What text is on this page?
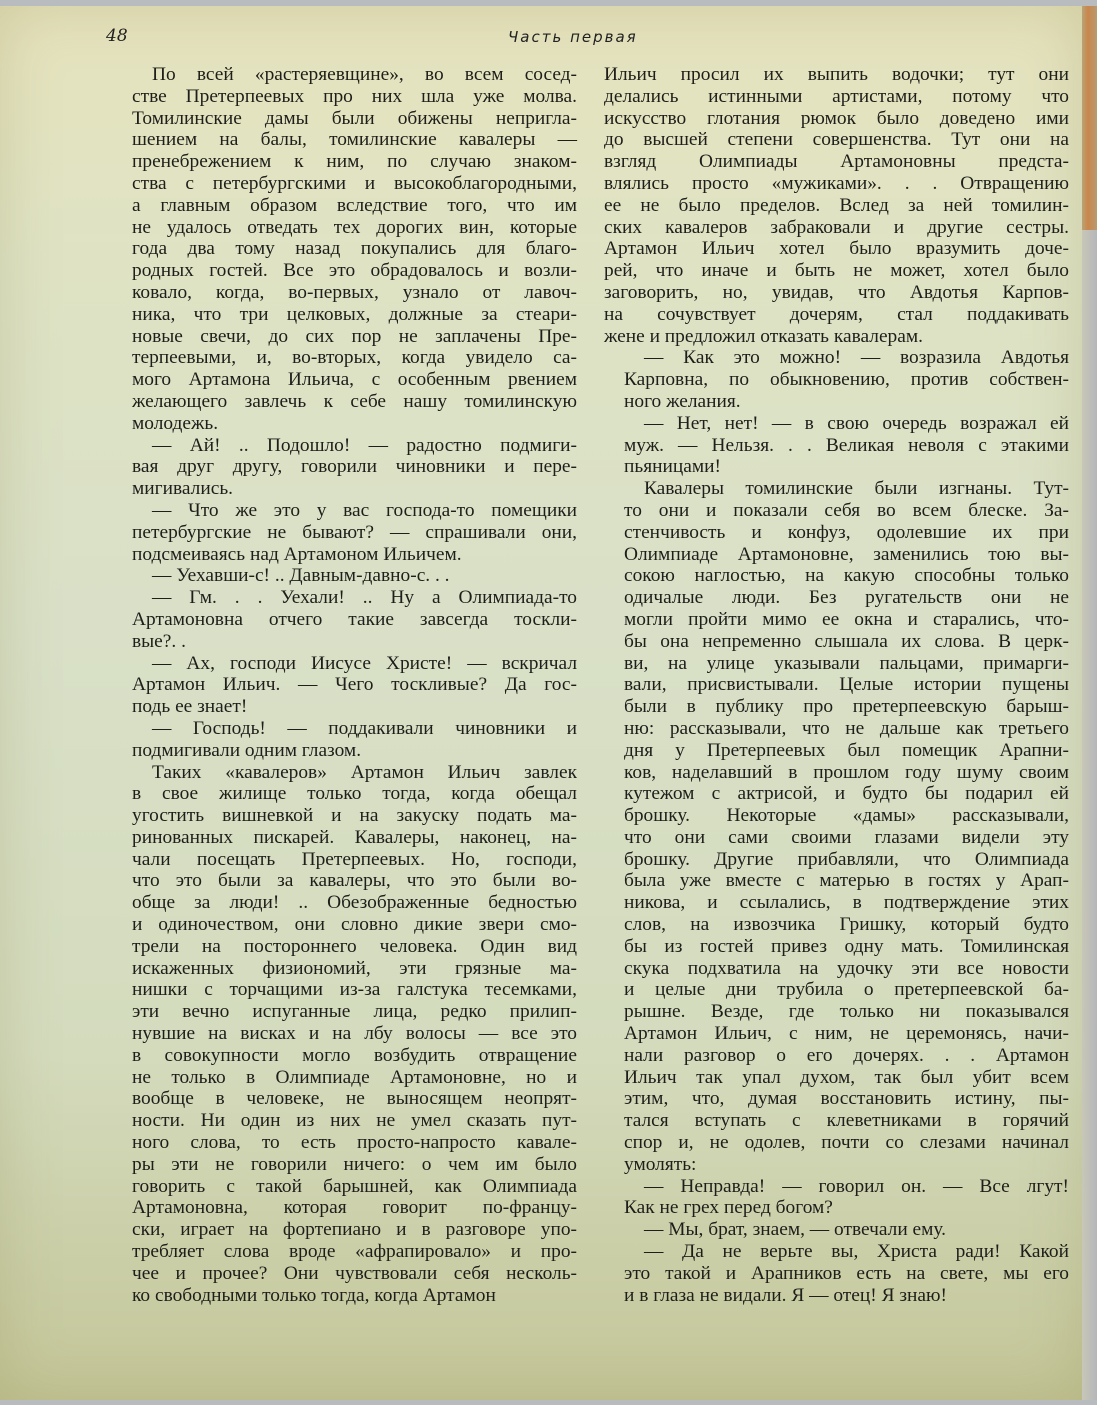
48	Часть первая

По всей «растеряевщине», во всем сосед-
стве Претерпеевых про них шла уже молва.
Томилинские дамы были обижены непригла-
шением на балы, томилинские кавалеры —
пренебрежением к ним, по случаю знаком-
ства с петербургскими и высокоблагородными,
а главным образом вследствие того, что им
не удалось отведать тех дорогих вин, которые
года два тому назад покупались для благо-
родных гостей. Все это обрадовалось и возли-
ковало, когда, во-первых, узнало от лавоч-
ника, что три целковых, должные за стеари-
новые свечи, до сих пор не заплачены Пре-
терпеевыми, и, во-вторых, когда увидело са-
мого Артамона Ильича, с особенным рвением
желающего завлечь к себе нашу томилинскую
молодежь.

— Ай! .. Подошло! — радостно подмиги-
вая друг другу, говорили чиновники и пере-
мигивались.

— Что же это у вас господа-то помещики
петербургские не бывают? — спрашивали они,
подсмеиваясь над Артамоном Ильичем.

— Уехавши-с! .. Давным-давно-с. . .

— Гм. . . Уехали! .. Ну а Олимпиада-то
Артамоновна отчего такие завсегда тоскли-
вые?. .

— Ах, господи Иисусе Христе! — вскричал
Артамон Ильич. — Чего тоскливые? Да гос-
подь ее знает!

— Господь! — поддакивали чиновники и
подмигивали одним глазом.

Таких «кавалеров» Артамон Ильич завлек
в свое жилище только тогда, когда обещал
угостить вишневкой и на закуску подать ма-
ринованных пискарей. Кавалеры, наконец, на-
чали посещать Претерпеевых. Но, господи,
что это были за кавалеры, что это были во-
обще за люди! .. Обезображенные бедностью
и одиночеством, они словно дикие звери смо-
трели на постороннего человека. Один вид
искаженных физиономий, эти грязные ма-
нишки с торчащими из-за галстука тесемками,
эти вечно испуганные лица, редко прилип-
нувшие на висках и на лбу волосы — все это
в совокупности могло возбудить отвращение
не только в Олимпиаде Артамоновне, но и
вообще в человеке, не выносящем неопрят-
ности. Ни один из них не умел сказать пут-
ного слова, то есть просто-напросто кавале-
ры эти не говорили ничего: о чем им было
говорить с такой барышней, как Олимпиада
Артамоновна, которая говорит по-францу-
ски, играет на фортепиано и в разговоре упо-
требляет слова вроде «афрапировало» и про-
чее и прочее? Они чувствовали себя несколь-
ко свободными только тогда, когда Артамон

Ильич просил их выпить водочки; тут они
делались истинными артистами, потому что
искусство глотания рюмок было доведено ими
до высшей степени совершенства. Тут они на
взгляд Олимпиады Артамоновны предста-
влялись просто «мужиками». . . Отвращению
ее не было пределов. Вслед за ней томилин-
ских кавалеров забраковали и другие сестры.
Артамон Ильич хотел было вразумить доче-
рей, что иначе и быть не может, хотел было
заговорить, но, увидав, что Авдотья Карпов-
на сочувствует дочерям, стал поддакивать
жене и предложил отказать кавалерам.

— Как это можно! — возразила Авдотья
Карповна, по обыкновению, против собствен-
ного желания.

— Нет, нет! — в свою очередь возражал ей
муж. — Нельзя. . . Великая неволя с этакими
пьяницами!

Кавалеры томилинские были изгнаны. Тут-
то они и показали себя во всем блеске. За-
стенчивость и конфуз, одолевшие их при
Олимпиаде Артамоновне, заменились тою вы-
сокою наглостью, на какую способны только
одичалые люди. Без ругательств они не
могли пройти мимо ее окна и старались, что-
бы она непременно слышала их слова. В церк-
ви, на улице указывали пальцами, примарги-
вали, присвистывали. Целые истории пущены
были в публику про претерпеевскую барыш-
ню: рассказывали, что не дальше как третьего
дня у Претерпеевых был помещик Арапни-
ков, наделавший в прошлом году шуму своим
кутежом с актрисой, и будто бы подарил ей
брошку. Некоторые «дамы» рассказывали,
что они сами своими глазами видели эту
брошку. Другие прибавляли, что Олимпиада
была уже вместе с матерью в гостях у Арап-
никова, и ссылались, в подтверждение этих
слов, на извозчика Гришку, который будто
бы из гостей привез одну мать. Томилинская
скука подхватила на удочку эти все новости
и целые дни трубила о претерпеевской ба-
рышне. Везде, где только ни показывался
Артамон Ильич, с ним, не церемонясь, начи-
нали разговор о его дочерях. . . Артамон
Ильич так упал духом, так был убит всем
этим, что, думая восстановить истину, пы-
тался вступать с клеветниками в горячий
спор и, не одолев, почти со слезами начинал
умолять:

— Неправда! — говорил он. — Все лгут!
Как не грех перед богом?

— Мы, брат, знаем, — отвечали ему.

— Да не верьте вы, Христа ради! Какой
это такой и Арапников есть на свете, мы его
и в глаза не видали. Я — отец! Я знаю!
